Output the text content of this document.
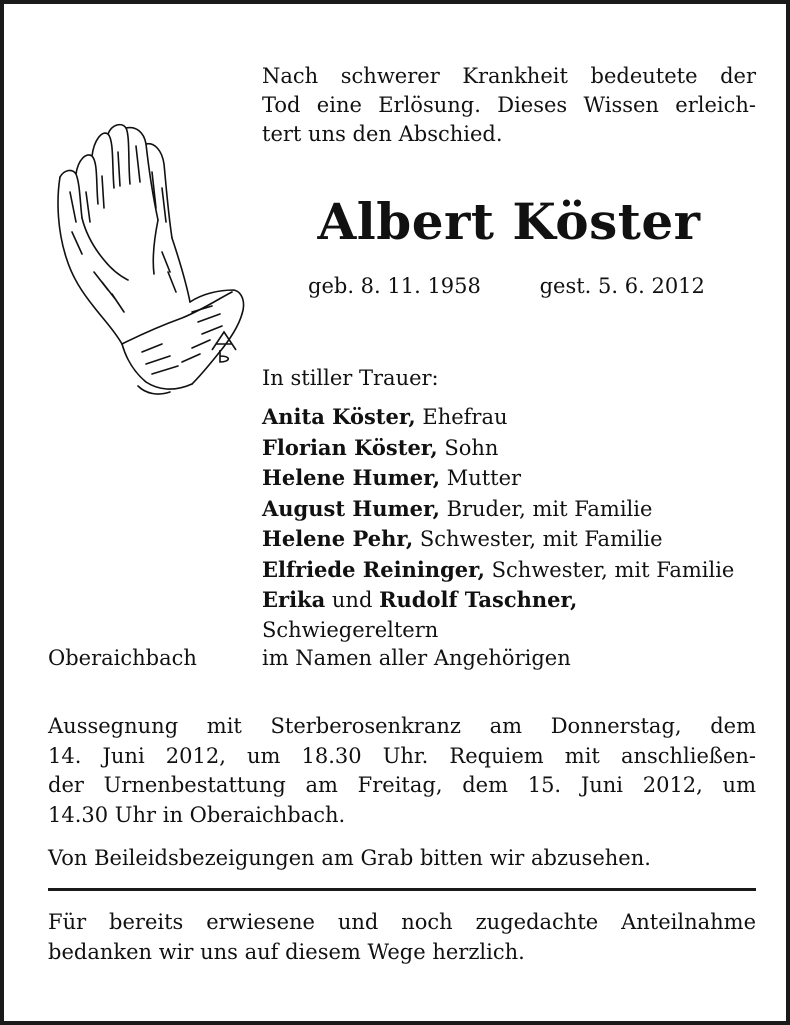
Nach schwerer Krankheit bedeutete der
Tod eine Erlösung. Dieses Wissen erleich-
tert uns den Abschied.
Albert Köster
geb. 8. 11. 1958	gest. 5. 6. 2012
In stiller Trauer:
Anita Köster, Ehefrau
Florian Köster, Sohn
Helene Humer, Mutter
August Humer, Bruder, mit Familie
Helene Pehr, Schwester, mit Familie
Elfriede Reininger, Schwester, mit Familie
Erika und Rudolf Taschner,
Schwiegereltern
Oberaichbach	im Namen aller Angehörigen
Aussegnung mit Sterberosenkranz am Donnerstag, dem
14. Juni 2012, um 18.30 Uhr. Requiem mit anschließen-
der Urnenbestattung am Freitag, dem 15. Juni 2012, um
14.30 Uhr in Oberaichbach.
Von Beileidsbezeigungen am Grab bitten wir abzusehen.
Für bereits erwiesene und noch zugedachte Anteilnahme
bedanken wir uns auf diesem Wege herzlich.
